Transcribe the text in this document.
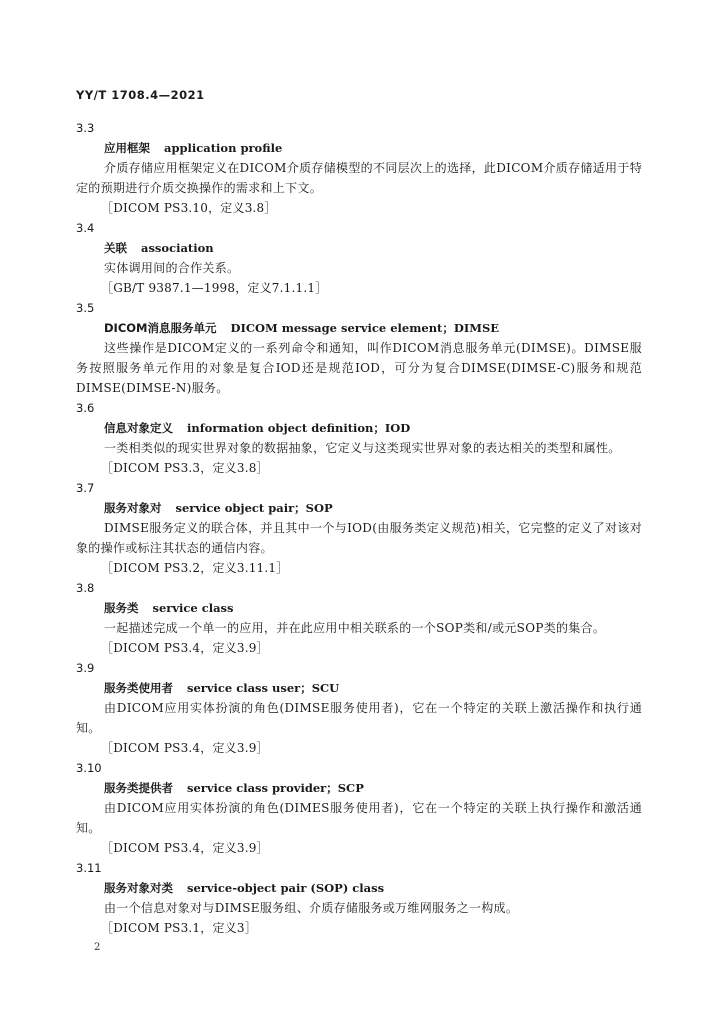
YY/T 1708.4—2021
3.3
应用框架 application profile
介质存储应用框架定义在DICOM介质存储模型的不同层次上的选择，此DICOM介质存储适用于特定的预期进行介质交换操作的需求和上下文。
［DICOM PS3.10，定义3.8］
3.4
关联 association
实体调用间的合作关系。
［GB/T 9387.1—1998，定义7.1.1.1］
3.5
DICOM消息服务单元 DICOM message service element；DIMSE
这些操作是DICOM定义的一系列命令和通知，叫作DICOM消息服务单元(DIMSE)。DIMSE服务按照服务单元作用的对象是复合IOD还是规范IOD，可分为复合DIMSE(DIMSE-C)服务和规范DIMSE(DIMSE-N)服务。
3.6
信息对象定义 information object definition；IOD
一类相类似的现实世界对象的数据抽象，它定义与这类现实世界对象的表达相关的类型和属性。
［DICOM PS3.3，定义3.8］
3.7
服务对象对 service object pair；SOP
DIMSE服务定义的联合体，并且其中一个与IOD(由服务类定义规范)相关，它完整的定义了对该对象的操作或标注其状态的通信内容。
［DICOM PS3.2，定义3.11.1］
3.8
服务类 service class
一起描述完成一个单一的应用，并在此应用中相关联系的一个SOP类和/或元SOP类的集合。
［DICOM PS3.4，定义3.9］
3.9
服务类使用者 service class user；SCU
由DICOM应用实体扮演的角色(DIMSE服务使用者)，它在一个特定的关联上激活操作和执行通知。
［DICOM PS3.4，定义3.9］
3.10
服务类提供者 service class provider；SCP
由DICOM应用实体扮演的角色(DIMES服务使用者)，它在一个特定的关联上执行操作和激活通知。
［DICOM PS3.4，定义3.9］
3.11
服务对象对类 service-object pair (SOP) class
由一个信息对象对与DIMSE服务组、介质存储服务或万维网服务之一构成。
［DICOM PS3.1，定义3］
2
